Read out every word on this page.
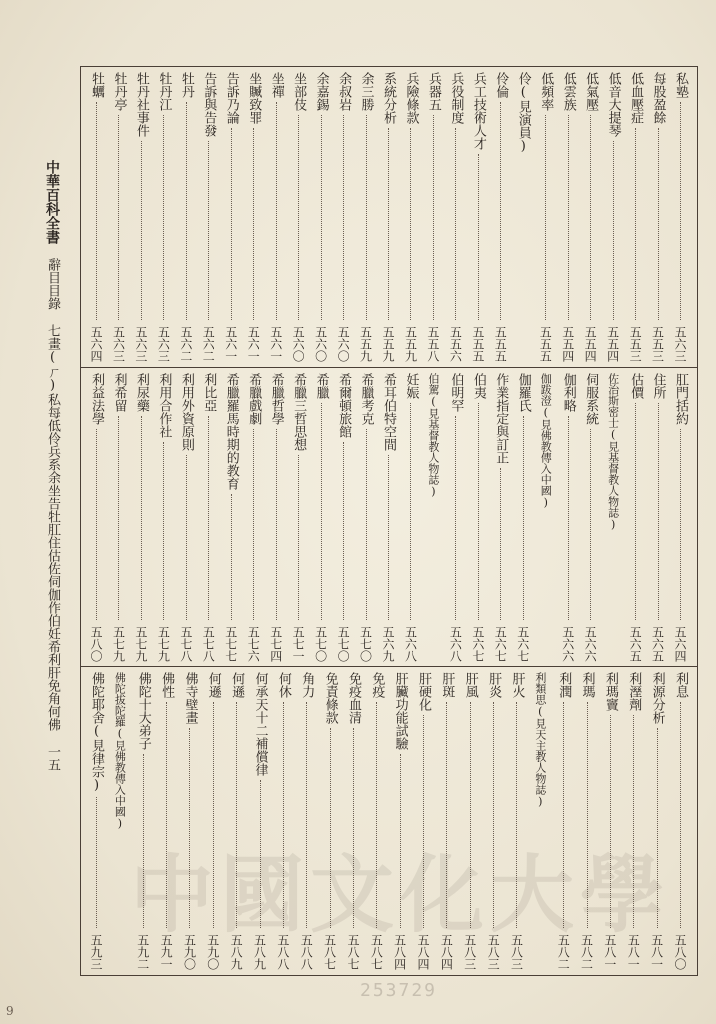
中華百科全書辭目目錄七畫(ㄏ)私每低伶兵系余坐告牡肛住估佐伺伽作伯妊希利肝免角何佛一五
私塾
五六三
每股盈餘
五五三
低血壓症
五五三
低音大提琴
五五四
低氣壓
五五四
低雲族
五五四
低頻率
五五五
伶(見演員)
伶倫
五五五
兵工技術人才
五五五
兵役制度
五五六
兵器五
五五八
兵險條款
五五九
系統分析
五五九
余三勝
五五九
余叔岩
五六〇
余嘉錫
五六〇
坐部伎
五六〇
坐禪
五六一
坐贓致罪
五六一
告訴乃論
五六一
告訴與告發
五六二
牡丹
五六二
牡丹江
五六三
牡丹社事件
五六三
牡丹亭
五六三
牡蠣
五六四
肛門括約
五六四
住所
五六五
估價
五六五
佐治斯密士(見基督教人物誌)
伺服系統
五六六
伽利略
五六六
伽跋澄(見佛教傳入中國)
伽羅氏
五六七
作業指定與訂正
五六七
伯夷
五六七
伯明罕
五六八
伯駕(見基督教人物誌)
妊娠
五六八
希耳伯特空間
五六九
希臘考克
五七〇
希爾頓旅館
五七〇
希臘
五七〇
希臘三哲思想
五七一
希臘哲學
五七四
希臘戲劇
五七六
希臘羅馬時期的教育
五七七
利比亞
五七八
利用外資原則
五七八
利用合作社
五七九
利尿藥
五七九
利希留
五七九
利益法學
五八〇
利息
五八〇
利源分析
五八一
利溼劑
五八一
利瑪竇
五八一
利瑪
五八二
利潤
五八二
利類思(見天主教人物誌)
肝火
五八三
肝炎
五八三
肝風
五八三
肝斑
五八四
肝硬化
五八四
肝臟功能試驗
五八四
免疫
五八七
免疫血清
五八七
免責條款
五八七
角力
五八八
何休
五八八
何承天十二補償律
五八九
何遜
五八九
何遜
五九〇
佛寺壁畫
五九〇
佛性
五九一
佛陀十大弟子
五九二
佛陀拔陀羅(見佛教傳入中國)
佛陀耶舍(見律宗)
五九三
中國文化大學
253729
9
